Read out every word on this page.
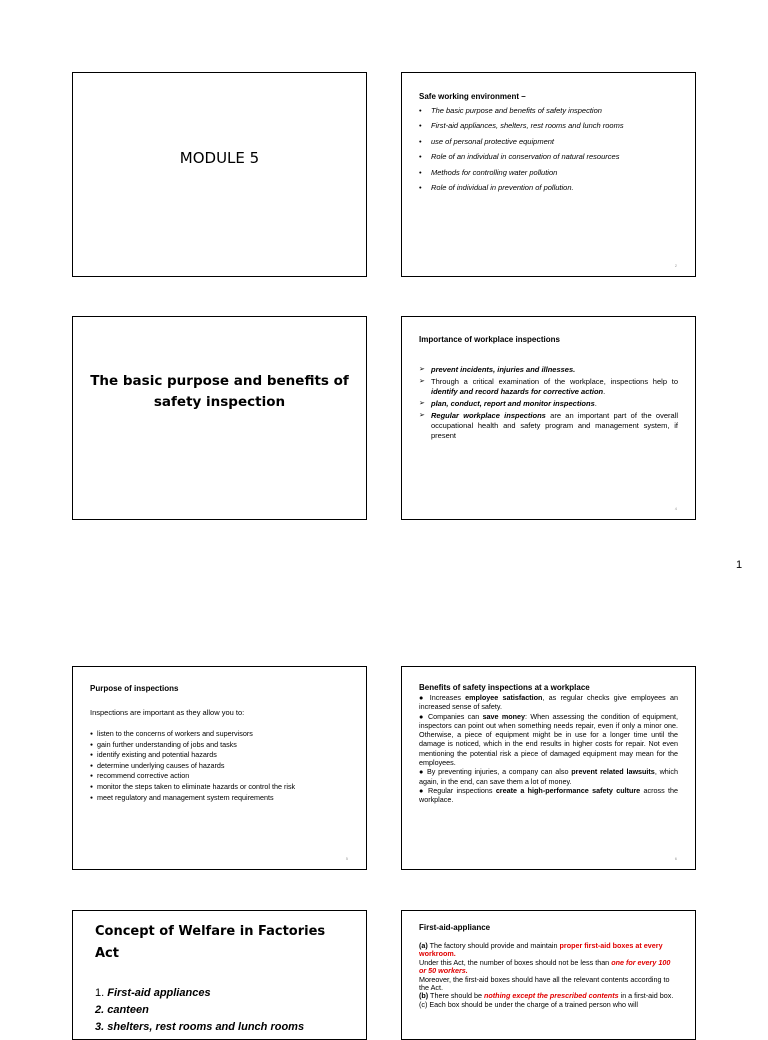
MODULE 5
Safe working environment –
• The basic purpose and benefits of safety inspection
• First-aid appliances, shelters, rest rooms and lunch rooms
• use of personal protective equipment
• Role of an individual in conservation of natural resources
• Methods for controlling water pollution
• Role of individual in prevention of pollution.
2
The basic purpose and benefits of safety inspection
Importance of workplace inspections
➢ prevent incidents, injuries and illnesses.
➢ Through a critical examination of the workplace, inspections help to identify and record hazards for corrective action.
➢ plan, conduct, report and monitor inspections.
➢ Regular workplace inspections are an important part of the overall occupational health and safety program and management system, if present
4
1
Purpose of inspections
Inspections are important as they allow you to:
● listen to the concerns of workers and supervisors
● gain further understanding of jobs and tasks
● identify existing and potential hazards
● determine underlying causes of hazards
● recommend corrective action
● monitor the steps taken to eliminate hazards or control the risk
● meet regulatory and management system requirements
5
Benefits of safety inspections at a workplace

● Increases employee satisfaction, as regular checks give employees an increased sense of safety.

● Companies can save money: When assessing the condition of equipment, inspectors can point out when something needs repair, even if only a minor one. Otherwise, a piece of equipment might be in use for a longer time until the damage is noticed, which in the end results in higher costs for repair. Not even mentioning the potential risk a piece of damaged equipment may mean for the employees.

● By preventing injuries, a company can also prevent related lawsuits, which again, in the end, can save them a lot of money.

● Regular inspections create a high-performance safety culture across the workplace.

6
Concept of Welfare in Factories Act
1. First-aid appliances
2. canteen
3. shelters, rest rooms and lunch rooms
First-aid-appliance

(a) The factory should provide and maintain proper first-aid boxes at every workroom.

Under this Act, the number of boxes should not be less than one for every 100 or 50 workers.

Moreover, the first-aid boxes should have all the relevant contents according to the Act.

(b) There should be nothing except the prescribed contents in a first-aid box.

(c) Each box should be under the charge of a trained person who will
